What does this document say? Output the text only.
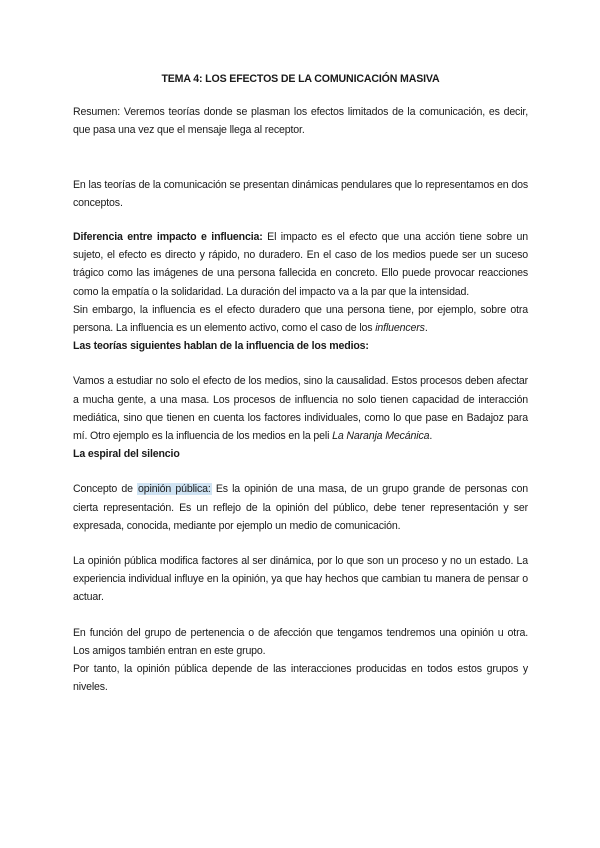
TEMA 4: LOS EFECTOS DE LA COMUNICACIÓN MASIVA

Resumen: Veremos teorías donde se plasman los efectos limitados de la comunicación, es decir, que pasa una vez que el mensaje llega al receptor.

En las teorías de la comunicación se presentan dinámicas pendulares que lo representamos en dos conceptos.

Diferencia entre impacto e influencia: El impacto es el efecto que una acción tiene sobre un sujeto, el efecto es directo y rápido, no duradero. En el caso de los medios puede ser un suceso trágico como las imágenes de una persona fallecida en concreto. Ello puede provocar reacciones como la empatía o la solidaridad. La duración del impacto va a la par que la intensidad.

Sin embargo, la influencia es el efecto duradero que una persona tiene, por ejemplo, sobre otra persona. La influencia es un elemento activo, como el caso de los influencers.

Las teorías siguientes hablan de la influencia de los medios:

Vamos a estudiar no solo el efecto de los medios, sino la causalidad. Estos procesos deben afectar a mucha gente, a una masa. Los procesos de influencia no solo tienen capacidad de interacción mediática, sino que tienen en cuenta los factores individuales, como lo que pase en Badajoz para mí. Otro ejemplo es la influencia de los medios en la peli La Naranja Mecánica.

La espiral del silencio

Concepto de opinión pública: Es la opinión de una masa, de un grupo grande de personas con cierta representación. Es un reflejo de la opinión del público, debe tener representación y ser expresada, conocida, mediante por ejemplo un medio de comunicación.

La opinión pública modifica factores al ser dinámica, por lo que son un proceso y no un estado. La experiencia individual influye en la opinión, ya que hay hechos que cambian tu manera de pensar o actuar.

En función del grupo de pertenencia o de afección que tengamos tendremos una opinión u otra. Los amigos también entran en este grupo.

Por tanto, la opinión pública depende de las interacciones producidas en todos estos grupos y niveles.
